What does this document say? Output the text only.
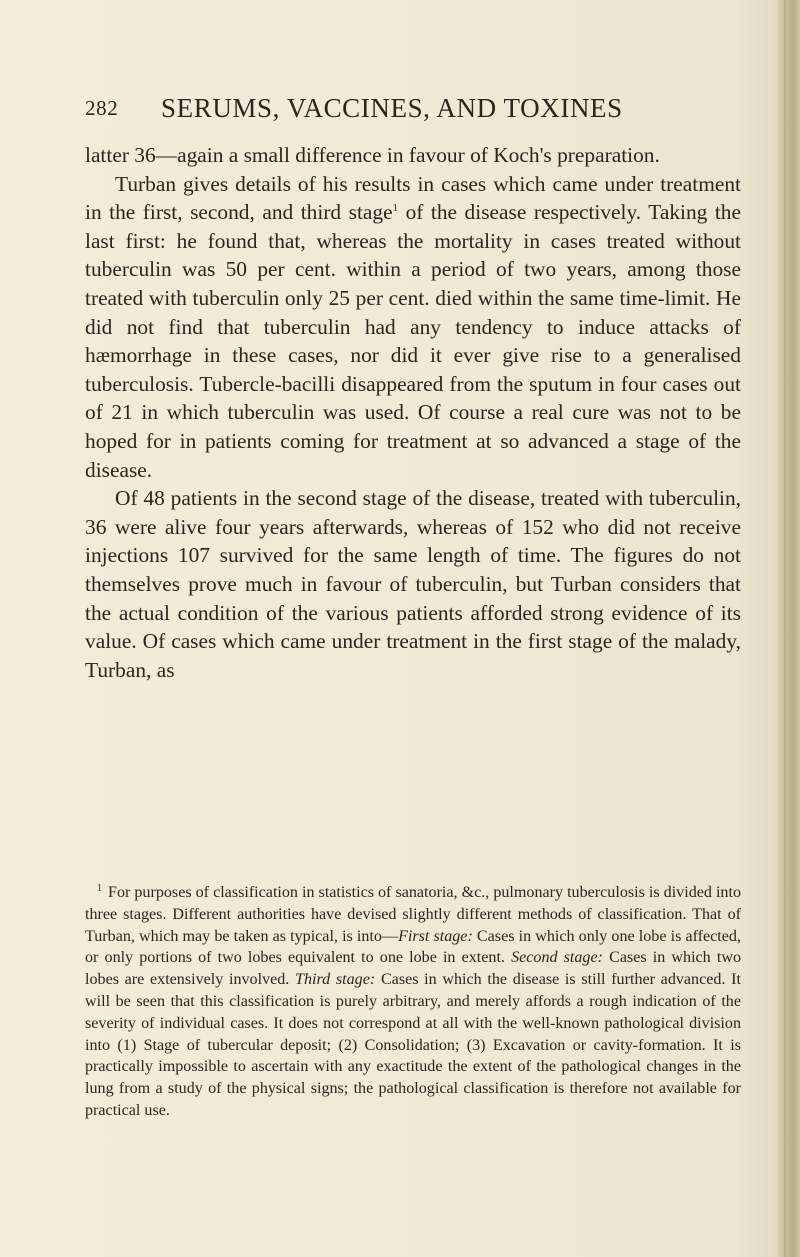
282 SERUMS, VACCINES, AND TOXINES

latter 36—again a small difference in favour of Koch's preparation.

Turban gives details of his results in cases which came under treatment in the first, second, and third stage$^1$ of the disease respectively. Taking the last first: he found that, whereas the mortality in cases treated without tuberculin was 50 per cent. within a period of two years, among those treated with tuberculin only 25 per cent. died within the same time-limit. He did not find that tuberculin had any tendency to induce attacks of hæmorrhage in these cases, nor did it ever give rise to a generalised tuberculosis. Tubercle-bacilli disappeared from the sputum in four cases out of 21 in which tuberculin was used. Of course a real cure was not to be hoped for in patients coming for treatment at so advanced a stage of the disease.

Of 48 patients in the second stage of the disease, treated with tuberculin, 36 were alive four years afterwards, whereas of 152 who did not receive injections 107 survived for the same length of time. The figures do not themselves prove much in favour of tuberculin, but Turban considers that the actual condition of the various patients afforded strong evidence of its value. Of cases which came under treatment in the first stage of the malady, Turban, as

$^1$ For purposes of classification in statistics of sanatoria, &c., pulmonary tuberculosis is divided into three stages. Different authorities have devised slightly different methods of classification. That of Turban, which may be taken as typical, is into—First stage: Cases in which only one lobe is affected, or only portions of two lobes equivalent to one lobe in extent. Second stage: Cases in which two lobes are extensively involved. Third stage: Cases in which the disease is still further advanced. It will be seen that this classification is purely arbitrary, and merely affords a rough indication of the severity of individual cases. It does not correspond at all with the well-known pathological division into (1) Stage of tubercular deposit; (2) Consolidation; (3) Excavation or cavity-formation. It is practically impossible to ascertain with any exactitude the extent of the pathological changes in the lung from a study of the physical signs; the pathological classification is therefore not available for practical use.
